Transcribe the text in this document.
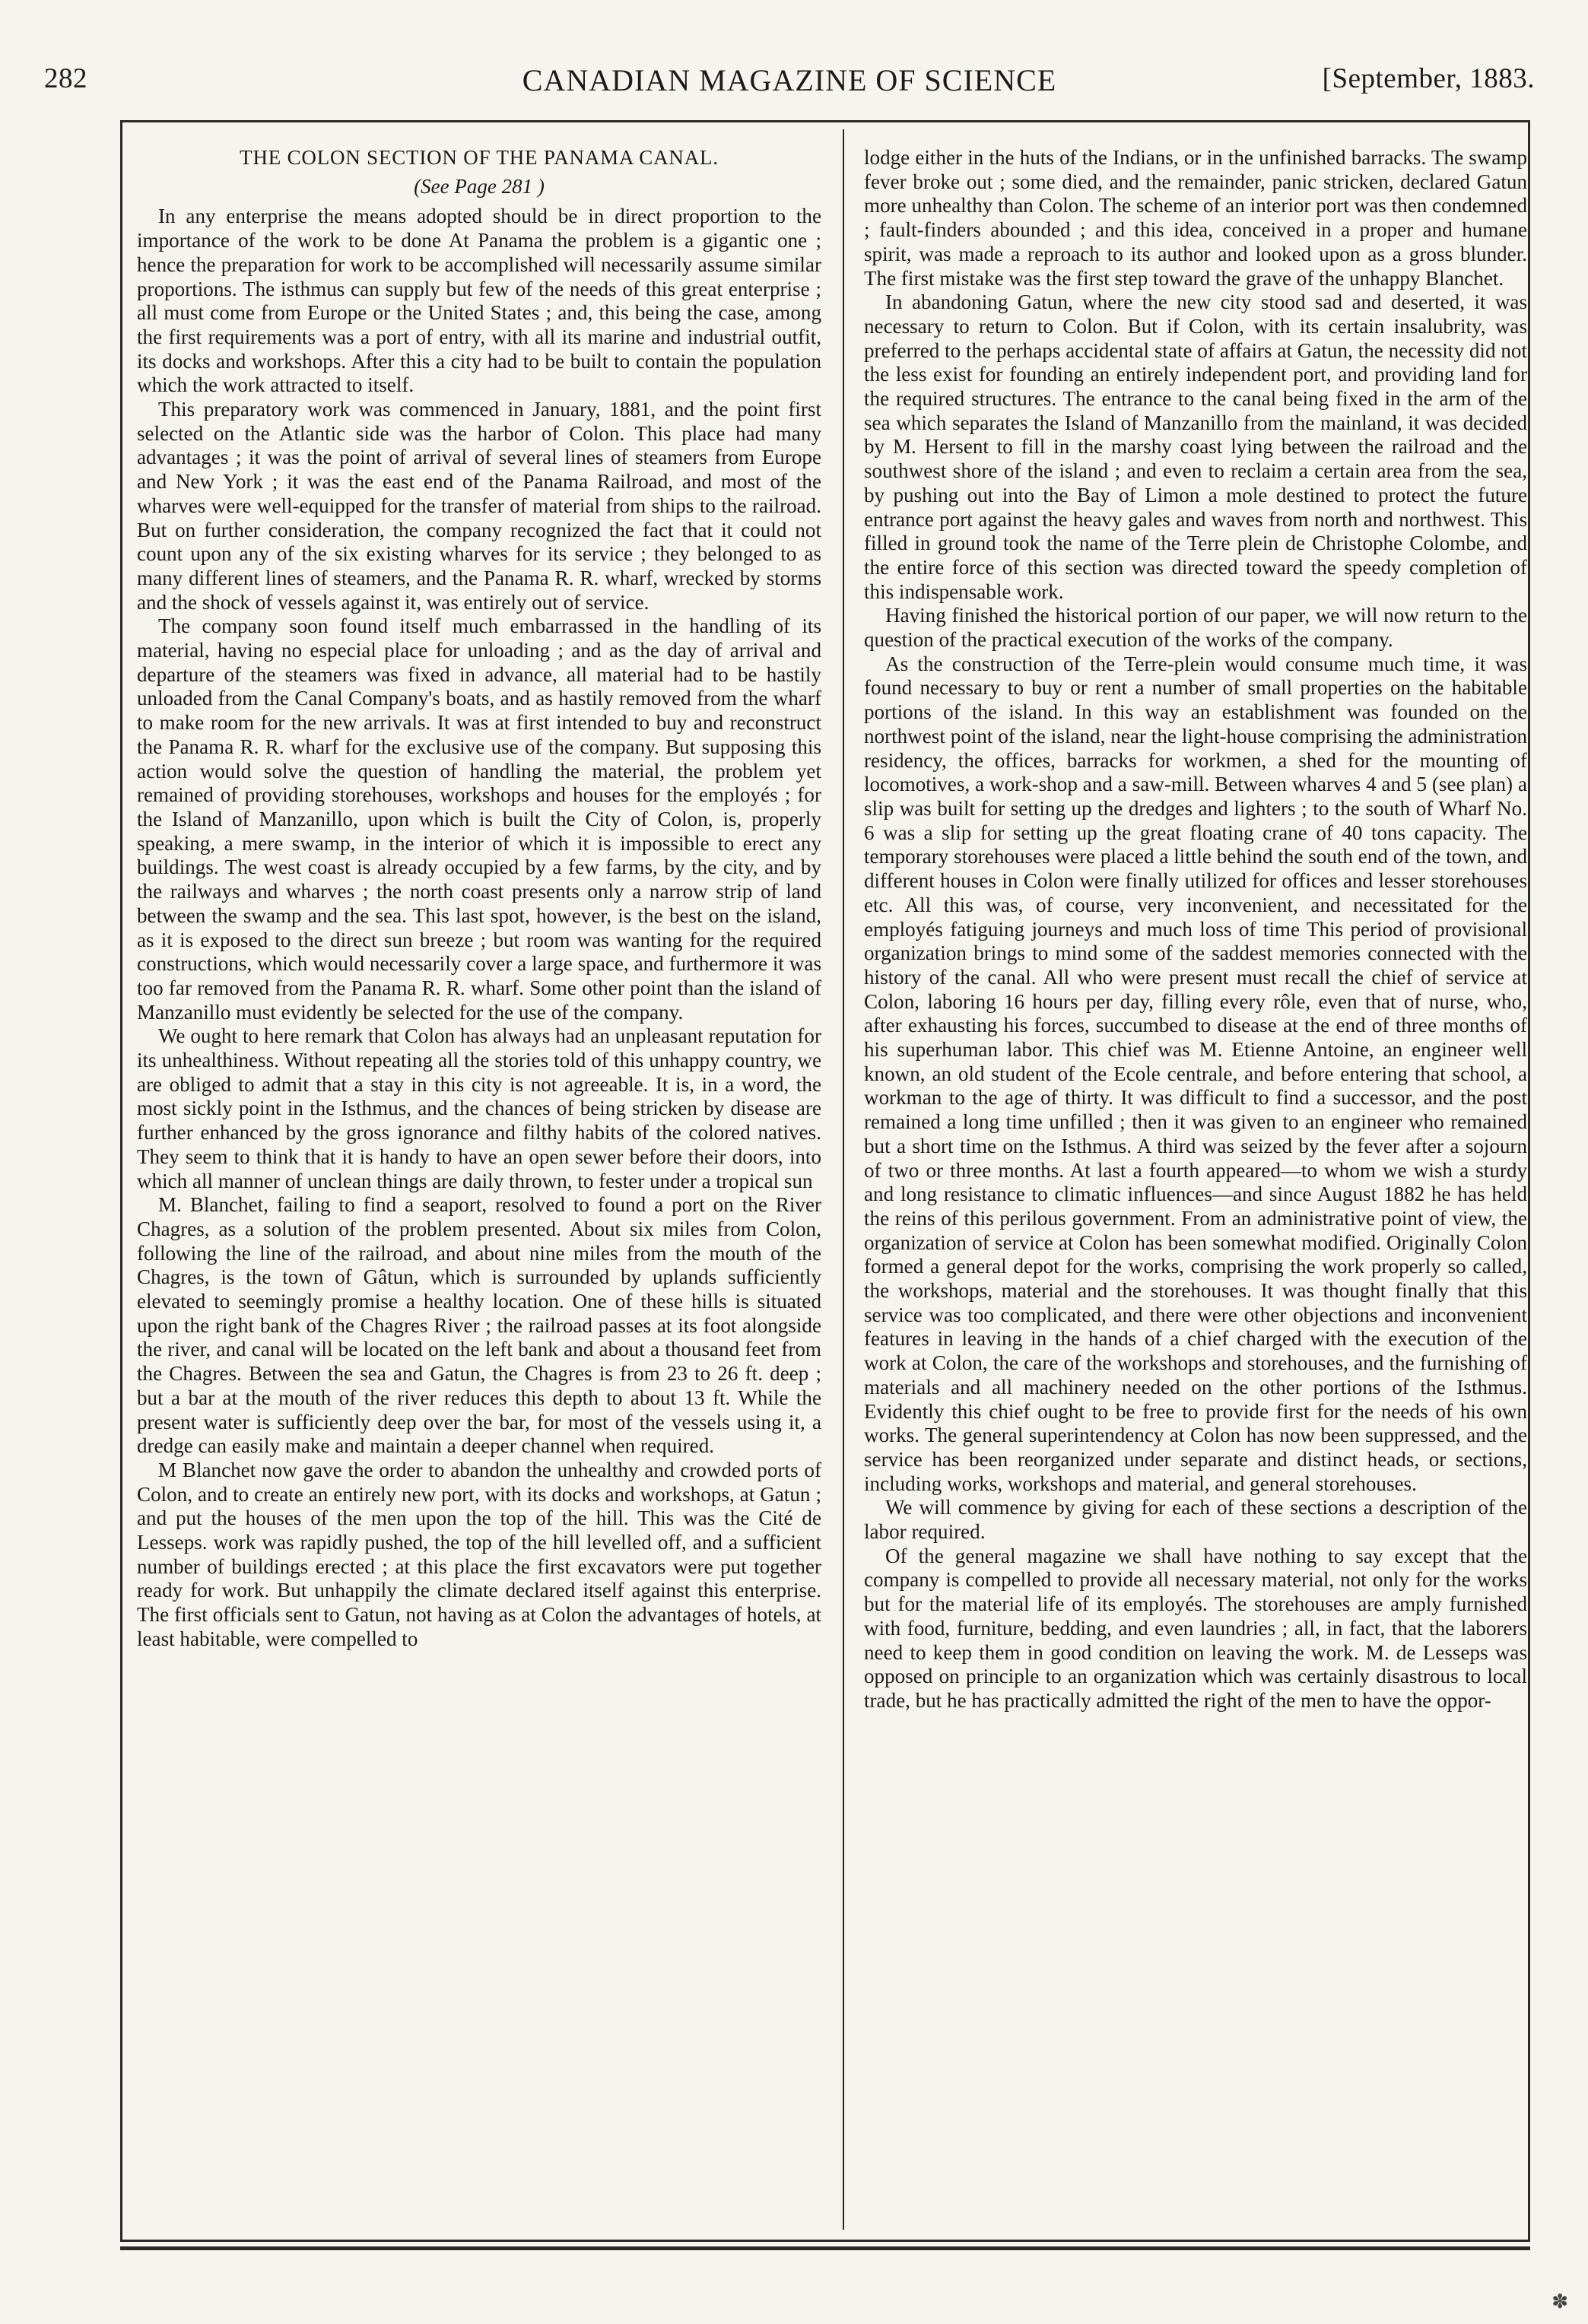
282	CANADIAN MAGAZINE OF SCIENCE	[September, 1883.
THE COLON SECTION OF THE PANAMA CANAL.
(See Page 281 )

In any enterprise the means adopted should be in direct proportion to the importance of the work to be done At Panama the problem is a gigantic one ; hence the preparation for work to be accomplished will necessarily assume similar proportions. The isthmus can supply but few of the needs of this great enterprise ; all must come from Europe or the United States ; and, this being the case, among the first requirements was a port of entry, with all its marine and industrial outfit, its docks and workshops. After this a city had to be built to contain the population which the work attracted to itself.

This preparatory work was commenced in January, 1881, and the point first selected on the Atlantic side was the harbor of Colon. This place had many advantages ; it was the point of arrival of several lines of steamers from Europe and New York ; it was the east end of the Panama Railroad, and most of the wharves were well-equipped for the transfer of material from ships to the railroad. But on further consideration, the company recognized the fact that it could not count upon any of the six existing wharves for its service ; they belonged to as many different lines of steamers, and the Panama R. R. wharf, wrecked by storms and the shock of vessels against it, was entirely out of service.

The company soon found itself much embarrassed in the handling of its material, having no especial place for unloading ; and as the day of arrival and departure of the steamers was fixed in advance, all material had to be hastily unloaded from the Canal Company's boats, and as hastily removed from the wharf to make room for the new arrivals. It was at first intended to buy and reconstruct the Panama R. R. wharf for the exclusive use of the company. But supposing this action would solve the question of handling the material, the problem yet remained of providing storehouses, workshops and houses for the employés ; for the Island of Manzanillo, upon which is built the City of Colon, is, properly speaking, a mere swamp, in the interior of which it is impossible to erect any buildings. The west coast is already occupied by a few farms, by the city, and by the railways and wharves ; the north coast presents only a narrow strip of land between the swamp and the sea. This last spot, however, is the best on the island, as it is exposed to the direct sun breeze ; but room was wanting for the required constructions, which would necessarily cover a large space, and furthermore it was too far removed from the Panama R. R. wharf. Some other point than the island of Manzanillo must evidently be selected for the use of the company.

We ought to here remark that Colon has always had an unpleasant reputation for its unhealthiness. Without repeating all the stories told of this unhappy country, we are obliged to admit that a stay in this city is not agreeable. It is, in a word, the most sickly point in the Isthmus, and the chances of being stricken by disease are further enhanced by the gross ignorance and filthy habits of the colored natives. They seem to think that it is handy to have an open sewer before their doors, into which all manner of unclean things are daily thrown, to fester under a tropical sun

M. Blanchet, failing to find a seaport, resolved to found a port on the River Chagres, as a solution of the problem presented. About six miles from Colon, following the line of the railroad, and about nine miles from the mouth of the Chagres, is the town of Gâtun, which is surrounded by uplands sufficiently elevated to seemingly promise a healthy location. One of these hills is situated upon the right bank of the Chagres River ; the railroad passes at its foot alongside the river, and canal will be located on the left bank and about a thousand feet from the Chagres. Between the sea and Gatun, the Chagres is from 23 to 26 ft. deep ; but a bar at the mouth of the river reduces this depth to about 13 ft. While the present water is sufficiently deep over the bar, for most of the vessels using it, a dredge can easily make and maintain a deeper channel when required.

M Blanchet now gave the order to abandon the unhealthy and crowded ports of Colon, and to create an entirely new port, with its docks and workshops, at Gatun ; and put the houses of the men upon the top of the hill. This was the Cité de Lesseps. work was rapidly pushed, the top of the hill levelled off, and a sufficient number of buildings erected ; at this place the first excavators were put together ready for work. But unhappily the climate declared itself against this enterprise. The first officials sent to Gatun, not having as at Colon the advantages of hotels, at least habitable, were compelled to

lodge either in the huts of the Indians, or in the unfinished barracks. The swamp fever broke out ; some died, and the remainder, panic stricken, declared Gatun more unhealthy than Colon. The scheme of an interior port was then condemned ; fault-finders abounded ; and this idea, conceived in a proper and humane spirit, was made a reproach to its author and looked upon as a gross blunder. The first mistake was the first step toward the grave of the unhappy Blanchet.

In abandoning Gatun, where the new city stood sad and deserted, it was necessary to return to Colon. But if Colon, with its certain insalubrity, was preferred to the perhaps accidental state of affairs at Gatun, the necessity did not the less exist for founding an entirely independent port, and providing land for the required structures. The entrance to the canal being fixed in the arm of the sea which separates the Island of Manzanillo from the mainland, it was decided by M. Hersent to fill in the marshy coast lying between the railroad and the southwest shore of the island ; and even to reclaim a certain area from the sea, by pushing out into the Bay of Limon a mole destined to protect the future entrance port against the heavy gales and waves from north and northwest. This filled in ground took the name of the Terre plein de Christophe Colombe, and the entire force of this section was directed toward the speedy completion of this indispensable work.

Having finished the historical portion of our paper, we will now return to the question of the practical execution of the works of the company.

As the construction of the Terre-plein would consume much time, it was found necessary to buy or rent a number of small properties on the habitable portions of the island. In this way an establishment was founded on the northwest point of the island, near the light-house comprising the administration residency, the offices, barracks for workmen, a shed for the mounting of locomotives, a work-shop and a saw-mill. Between wharves 4 and 5 (see plan) a slip was built for setting up the dredges and lighters ; to the south of Wharf No. 6 was a slip for setting up the great floating crane of 40 tons capacity. The temporary storehouses were placed a little behind the south end of the town, and different houses in Colon were finally utilized for offices and lesser storehouses etc. All this was, of course, very inconvenient, and necessitated for the employés fatiguing journeys and much loss of time This period of provisional organization brings to mind some of the saddest memories connected with the history of the canal. All who were present must recall the chief of service at Colon, laboring 16 hours per day, filling every rôle, even that of nurse, who, after exhausting his forces, succumbed to disease at the end of three months of his superhuman labor. This chief was M. Etienne Antoine, an engineer well known, an old student of the Ecole centrale, and before entering that school, a workman to the age of thirty. It was difficult to find a successor, and the post remained a long time unfilled ; then it was given to an engineer who remained but a short time on the Isthmus. A third was seized by the fever after a sojourn of two or three months. At last a fourth appeared—to whom we wish a sturdy and long resistance to climatic influences—and since August 1882 he has held the reins of this perilous government. From an administrative point of view, the organization of service at Colon has been somewhat modified. Originally Colon formed a general depot for the works, comprising the work properly so called, the workshops, material and the storehouses. It was thought finally that this service was too complicated, and there were other objections and inconvenient features in leaving in the hands of a chief charged with the execution of the work at Colon, the care of the workshops and storehouses, and the furnishing of materials and all machinery needed on the other portions of the Isthmus. Evidently this chief ought to be free to provide first for the needs of his own works. The general superintendency at Colon has now been suppressed, and the service has been reorganized under separate and distinct heads, or sections, including works, workshops and material, and general storehouses.

We will commence by giving for each of these sections a description of the labor required.

Of the general magazine we shall have nothing to say except that the company is compelled to provide all necessary material, not only for the works but for the material life of its employés. The storehouses are amply furnished with food, furniture, bedding, and even laundries ; all, in fact, that the laborers need to keep them in good condition on leaving the work. M. de Lesseps was opposed on principle to an organization which was certainly disastrous to local trade, but he has practically admitted the right of the men to have the oppor-

✽
